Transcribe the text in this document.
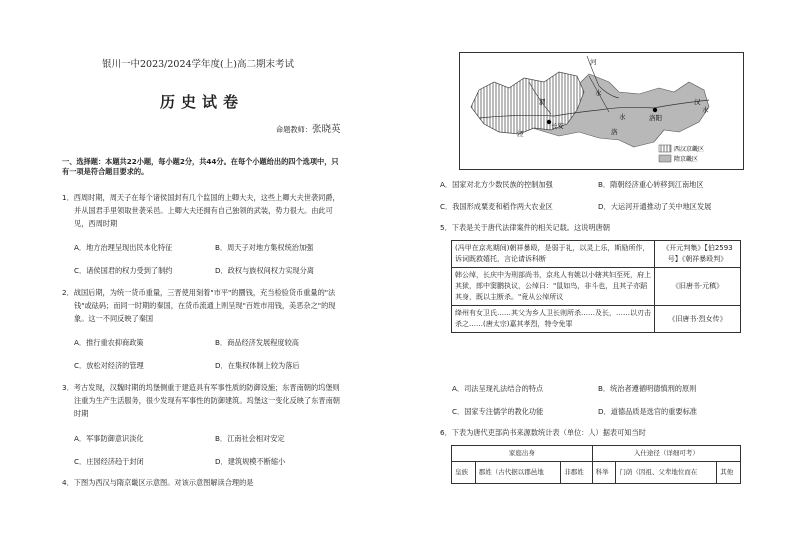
银川一中2023/2024学年度(上)高二期末考试
历史试卷
命题教师：张晓英
一、选择题：本题共22小题，每小题2分，共44分。在每个小题给出的四个选项中，只
有一项是符合题目要求的。
1．西周时期，周天子在每个诸侯国封有几个监国的上卿大夫，这些上卿大夫世袭同爵，
并从国君手里领取世袭采邑。上卿大夫还拥有自己独领的武装，势力很大。由此可
见，西周时期
A．地方治理呈现出民本化特征	B．周天子对地方集权统治加强
C．诸侯国君的权力受到了制约	D．政权与族权间权力实现分离
2．战国后期，为统一货币重量，三晋使用刻着"市平"的圜钱，充当检验货币重量的"法
钱"或砝码；而同一时期的秦国，在货币流通上则呈现"百姓市用钱，美恶杂之"的现
象。这一不同反映了秦国
A．推行重农抑商政策	B．商品经济发展程度较高
C．放松对经济的管理	D．在集权体制上较为落后
3．考古发现，汉魏时期的坞堡侧重于建造具有军事性质的防御设施；东晋南朝的坞堡则
注重为生产生活服务，很少发现有军事性的防御建筑。坞堡这一变化反映了东晋南朝
时期
A．军事防御意识淡化	B．江南社会相对安定
C．庄园经济趋于封闭	D．建筑规模不断缩小
4．下图为西汉与隋京畿区示意图。对该示意图解读合理的是
河
渭
水
水
洛
长安
洛阳
汉
水
泾
西汉京畿区
隋京畿区
A．国家对北方少数民族的控制加强	B．隋朝经济重心转移到江南地区
C．我国形成粟麦和稻作两大农业区	D．大运河开通推动了关中地区发展
5．下表是关于唐代法律案件的相关记载。这说明唐朝
(冯甲在京兆期间)朝祥暴殴，是弱于礼，以灵上乐，斯励所作，诉词既救嬉托，言论请诉科断	《开元判集》【伯2593号】《朝祥暴殴判》
韩公绰，长庆中为刑部尚书，京兆人有姚以小辖其妇至死，府上其狱，郎中窦鹏执议，公绰曰："鼠如鸟，非斗也，且其子亦蹈其身，既以主断杀。"竟从公绰所议	《旧唐书·元稹》
绛州有女卫氏……其父为乡人卫长则所杀……及长，……以刃击杀之……(唐太宗)嘉其孝烈，特令免罪	《旧唐书·烈女传》
A．司法呈现礼法结合的特点	B．统治者遵循明德慎刑的原则
C．国家专注儒学的教化功能	D．道德品质是选官的重要标准
6．下表为唐代吏部尚书来源数统计表（单位：人）据表可知当时
家庭出身			入仕途径（详细可考）		
皇族	郡姓（古代据以郡邑地	非郡姓	科举	门荫（因祖、父辈地位而在	其他
